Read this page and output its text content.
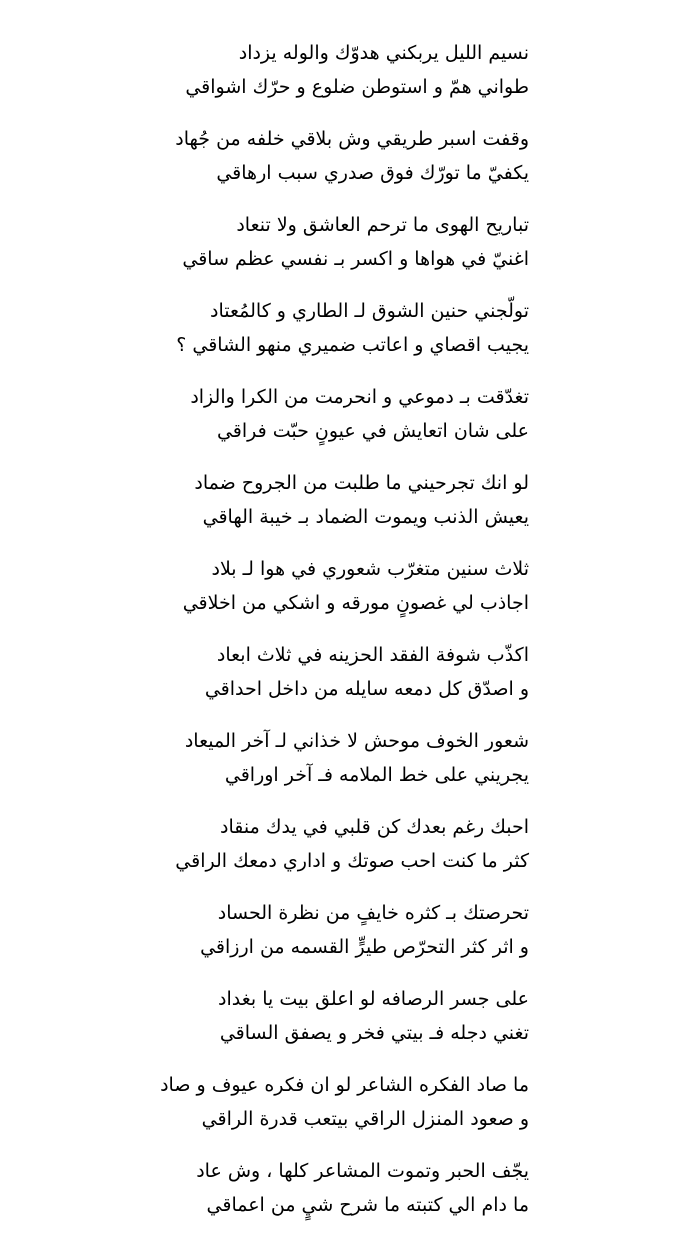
نسيم الليل يربكني هدوّك والوله يزداد
طواني همّ و استوطن ضلوع و حرّك اشواقي
وقفت اسبر طريقي وش بلاقي خلفه من جُهاد
يكفيّ ما تورّك فوق صدري سبب ارهاقي
تباريح الهوى ما ترحم العاشق ولا تنعاد
اغنيّ في هواها و اكسر بـ نفسي عظم ساقي
تولّجني حنين الشوق لـ الطاري و كالمُعتاد
يجيب اقصاي و اعاتب ضميري منهو الشاقي ؟
تغدّقت بـ دموعي و انحرمت من الكرا والزاد
على شان اتعايش في عيونٍ حبّت فراقي
لو انك تجرحيني ما طلبت من الجروح ضماد
يعيش الذنب ويموت الضماد بـ خيبة الهاقي
ثلاث سنين متغرّب شعوري في هوا لـ بلاد
اجاذب لي غصونٍ مورقه و اشكي من اخلاقي
اكذّب شوفة الفقد الحزينه في ثلاث ابعاد
و اصدّق كل دمعه سايله من داخل احداقي
شعور الخوف موحش لا خذاني لـ آخر الميعاد
يجريني على خط الملامه فـ آخر اوراقي
احبك رغم بعدك كن قلبي في يدك منقاد
كثر ما كنت احب صوتك و اداري دمعك الراقي
تحرصتك بـ كثره خايفٍ من نظرة الحساد
و اثر كثر التحرّص طيرٍّ القسمه من ارزاقي
على جسر الرصافه لو اعلق بيت يا بغداد
تغني دجله فـ بيتي فخر و يصفق الساقي
ما صاد الفكره الشاعر لو ان فكره عيوف و صاد
و صعود المنزل الراقي بيتعب قدرة الراقي
يجّف الحبر وتموت المشاعر كلها ، وش عاد
ما دام الي كتبته ما شرح شيٍ من اعماقي
